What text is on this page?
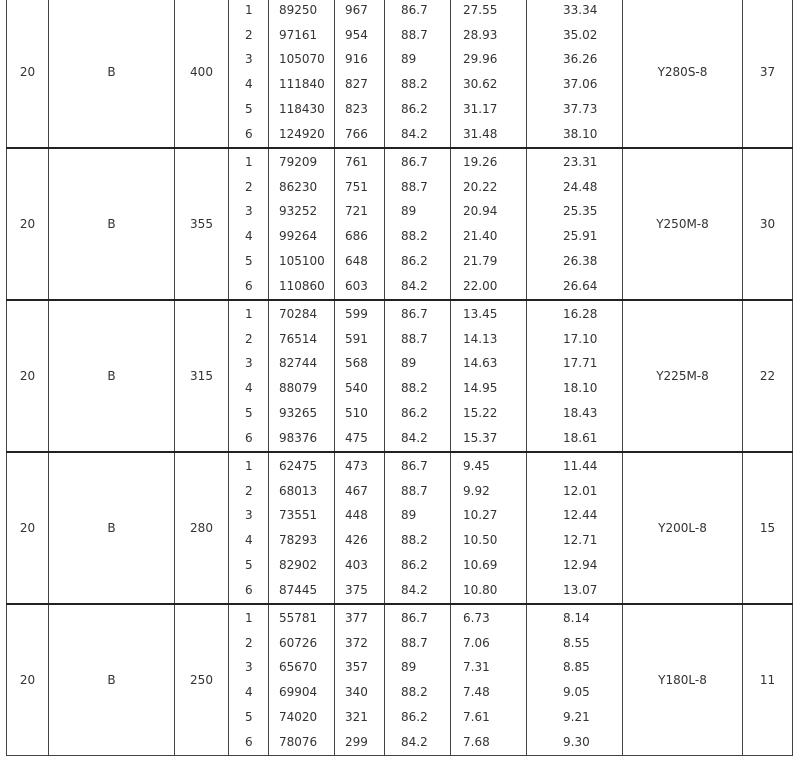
20	B	400	1	89250	967	86.7	27.55	33.34	Y280S-8	37
			2	97161	954	88.7	28.93	35.02		
			3	105070	916	89	29.96	36.26		
			4	111840	827	88.2	30.62	37.06		
			5	118430	823	86.2	31.17	37.73		
			6	124920	766	84.2	31.48	38.10		
20	B	355	1	79209	761	86.7	19.26	23.31	Y250M-8	30
			2	86230	751	88.7	20.22	24.48		
			3	93252	721	89	20.94	25.35		
			4	99264	686	88.2	21.40	25.91		
			5	105100	648	86.2	21.79	26.38		
			6	110860	603	84.2	22.00	26.64		
20	B	315	1	70284	599	86.7	13.45	16.28	Y225M-8	22
			2	76514	591	88.7	14.13	17.10		
			3	82744	568	89	14.63	17.71		
			4	88079	540	88.2	14.95	18.10		
			5	93265	510	86.2	15.22	18.43		
			6	98376	475	84.2	15.37	18.61		
20	B	280	1	62475	473	86.7	9.45	11.44	Y200L-8	15
			2	68013	467	88.7	9.92	12.01		
			3	73551	448	89	10.27	12.44		
			4	78293	426	88.2	10.50	12.71		
			5	82902	403	86.2	10.69	12.94		
			6	87445	375	84.2	10.80	13.07		
20	B	250	1	55781	377	86.7	6.73	8.14	Y180L-8	11
			2	60726	372	88.7	7.06	8.55		
			3	65670	357	89	7.31	8.85		
			4	69904	340	88.2	7.48	9.05		
			5	74020	321	86.2	7.61	9.21		
			6	78076	299	84.2	7.68	9.30		
